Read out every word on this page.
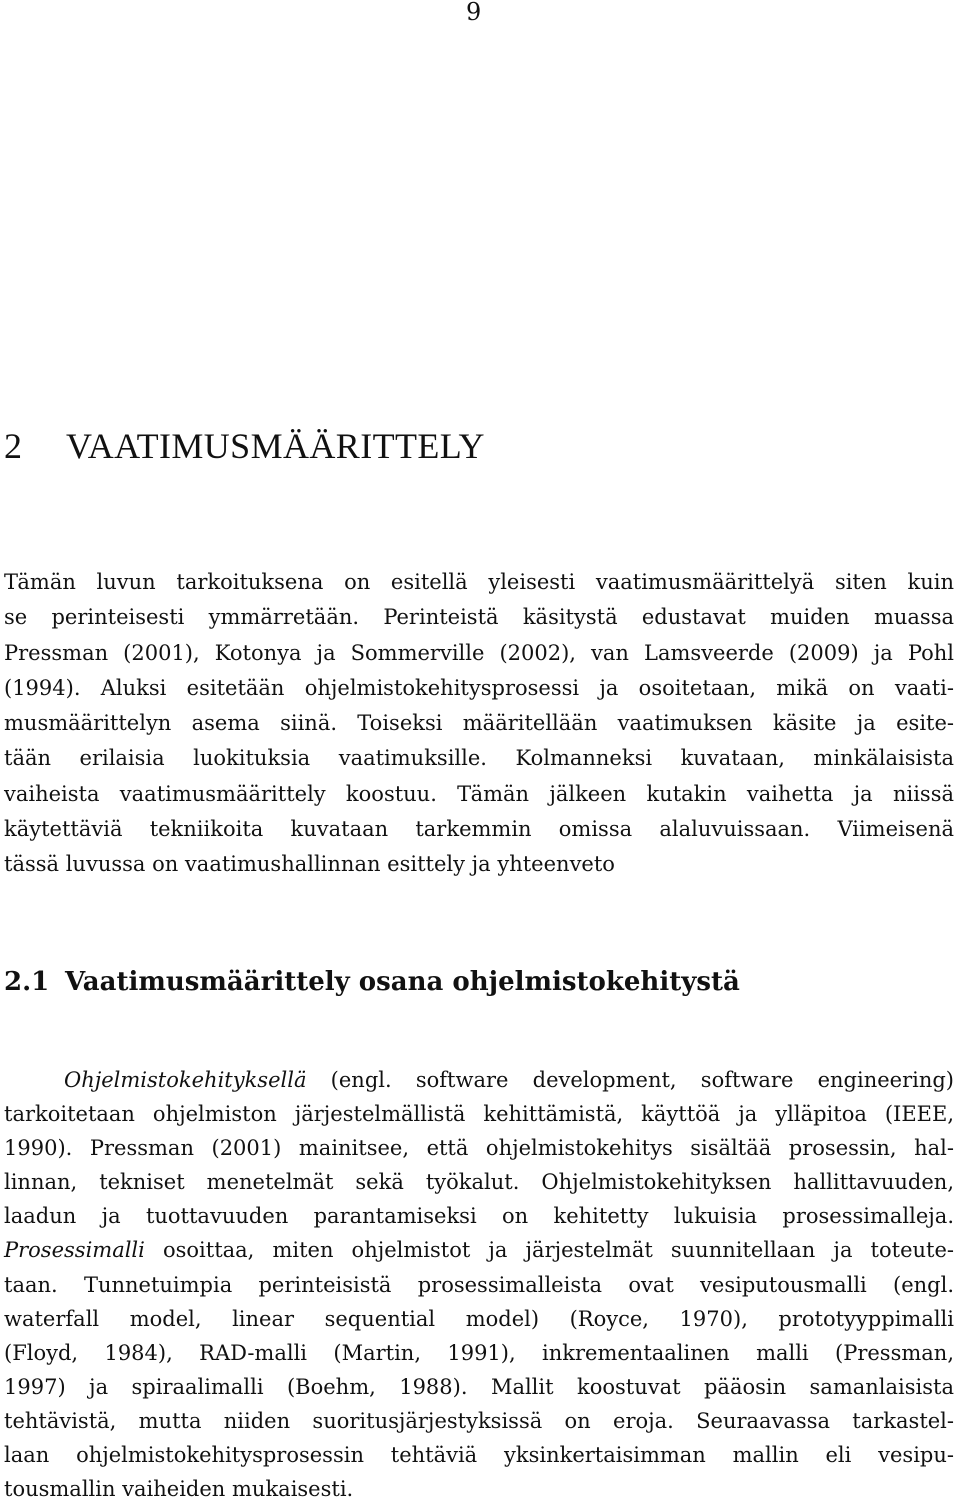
9
2 VAATIMUSMÄÄRITTELY

Tämän luvun tarkoituksena on esitellä yleisesti vaatimusmäärittelyä siten kuin
se perinteisesti ymmärretään. Perinteistä käsitystä edustavat muiden muassa
Pressman (2001), Kotonya ja Sommerville (2002), van Lamsveerde (2009) ja Pohl
(1994). Aluksi esitetään ohjelmistokehitysprosessi ja osoitetaan, mikä on vaati-
musmäärittelyn asema siinä. Toiseksi määritellään vaatimuksen käsite ja esite-
tään erilaisia luokituksia vaatimuksille. Kolmanneksi kuvataan, minkälaisista
vaiheista vaatimusmäärittely koostuu. Tämän jälkeen kutakin vaihetta ja niissä
käytettäviä tekniikoita kuvataan tarkemmin omissa alaluvuissaan. Viimeisenä
tässä luvussa on vaatimushallinnan esittely ja yhteenveto

2.1 Vaatimusmäärittely osana ohjelmistokehitystä

Ohjelmistokehityksellä (engl. software development, software engineering)
tarkoitetaan ohjelmiston järjestelmällistä kehittämistä, käyttöä ja ylläpitoa (IEEE,
1990). Pressman (2001) mainitsee, että ohjelmistokehitys sisältää prosessin, hal-
linnan, tekniset menetelmät sekä työkalut. Ohjelmistokehityksen hallittavuuden,
laadun ja tuottavuuden parantamiseksi on kehitetty lukuisia prosessimalleja.
Prosessimalli osoittaa, miten ohjelmistot ja järjestelmät suunnitellaan ja toteute-
taan. Tunnetuimpia perinteisistä prosessimalleista ovat vesiputousmalli (engl.
waterfall model, linear sequential model) (Royce, 1970), prototyyppimalli
(Floyd, 1984), RAD-malli (Martin, 1991), inkrementaalinen malli (Pressman,
1997) ja spiraalimalli (Boehm, 1988). Mallit koostuvat pääosin samanlaisista
tehtävistä, mutta niiden suoritusjärjestyksissä on eroja. Seuraavassa tarkastel-
laan ohjelmistokehitysprosessin tehtäviä yksinkertaisimman mallin eli vesipu-
tousmallin vaiheiden mukaisesti.
